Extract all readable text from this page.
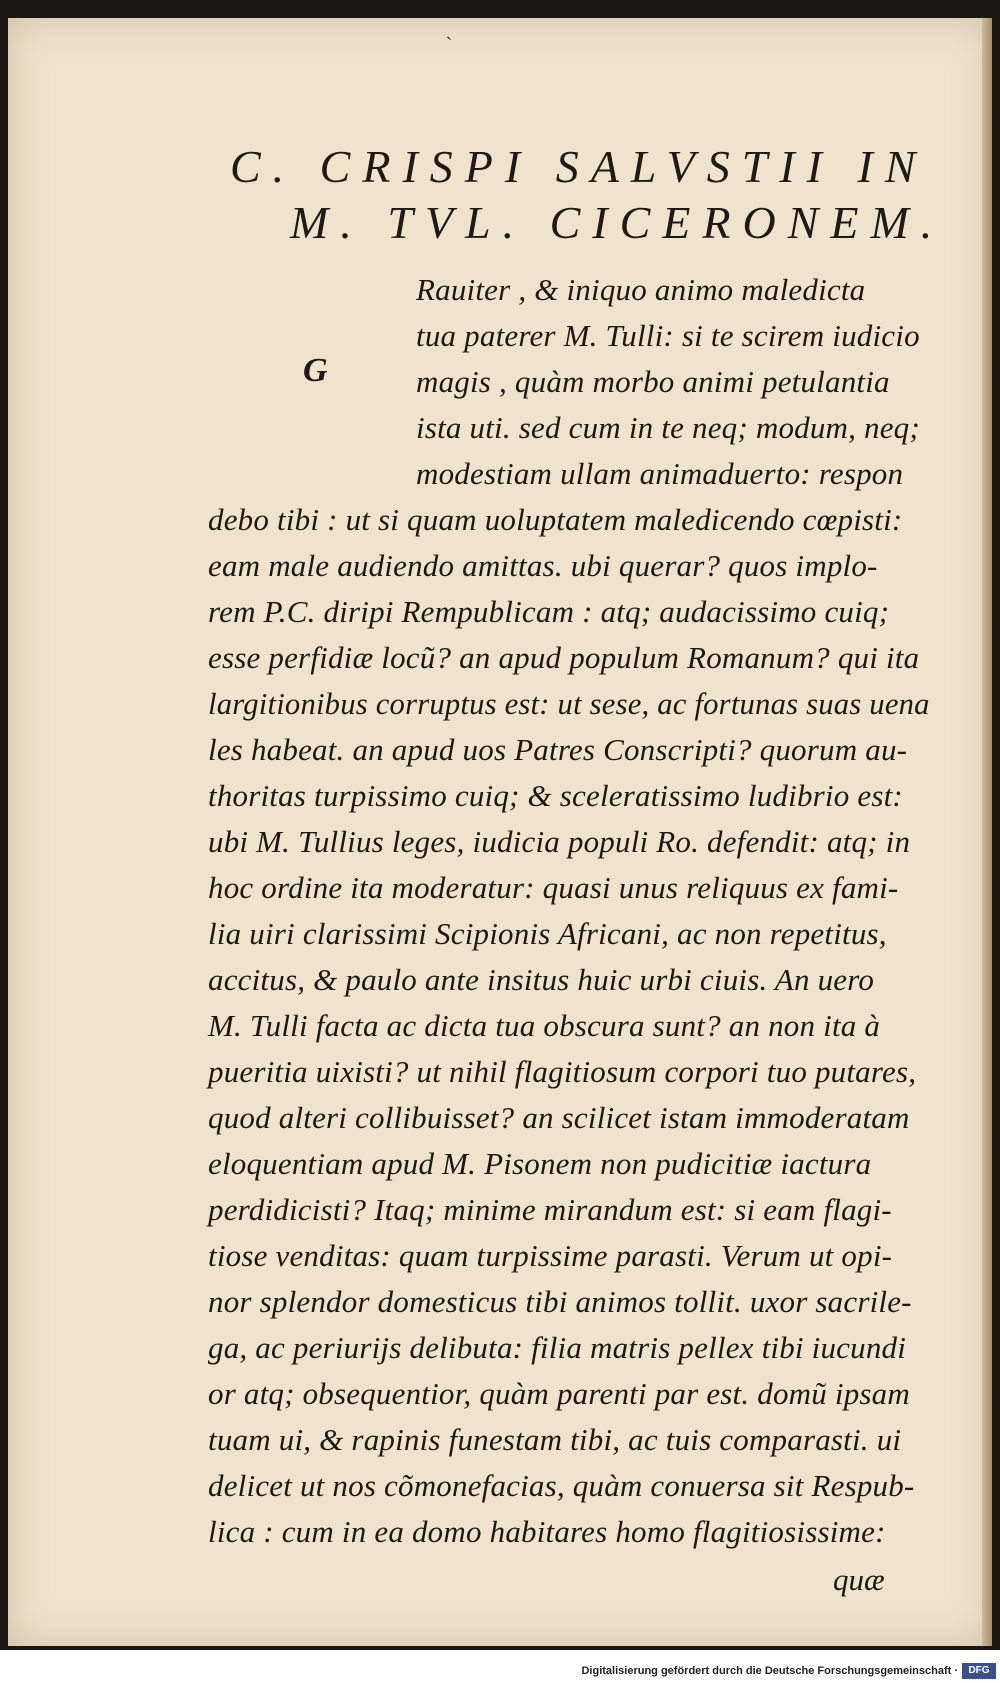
ˋ
C. CRISPI SALVSTII IN
M. TVL. CICERONEM.
G
Rauiter , & iniquo animo maledicta
tua paterer M. Tulli: si te scirem iudicio
magis , quàm morbo animi petulantia
ista uti. sed cum in te neq; modum, neq;
modestiam ullam animaduerto: respon
debo tibi : ut si quam uoluptatem maledicendo cœpisti:
eam male audiendo amittas. ubi querar? quos implo-
rem P.C. diripi Rempublicam : atq; audacissimo cuiq;
esse perfidiæ locũ? an apud populum Romanum? qui ita
largitionibus corruptus est: ut sese, ac fortunas suas uena
les habeat. an apud uos Patres Conscripti? quorum au-
thoritas turpissimo cuiq; & sceleratissimo ludibrio est:
ubi M. Tullius leges, iudicia populi Ro. defendit: atq; in
hoc ordine ita moderatur: quasi unus reliquus ex fami-
lia uiri clarissimi Scipionis Africani, ac non repetitus,
accitus, & paulo ante insitus huic urbi ciuis. An uero
M. Tulli facta ac dicta tua obscura sunt? an non ita à
pueritia uixisti? ut nihil flagitiosum corpori tuo putares,
quod alteri collibuisset? an scilicet istam immoderatam
eloquentiam apud M. Pisonem non pudicitiæ iactura
perdidicisti? Itaq; minime mirandum est: si eam flagi-
tiose venditas: quam turpissime parasti. Verum ut opi-
nor splendor domesticus tibi animos tollit. uxor sacrile-
ga, ac periurijs delibuta: filia matris pellex tibi iucundi
or atq; obsequentior, quàm parenti par est. domũ ipsam
tuam ui, & rapinis funestam tibi, ac tuis comparasti. ui
delicet ut nos cõmonefacias, quàm conuersa sit Respub-
lica : cum in ea domo habitares homo flagitiosissime:
quæ
Digitalisierung gefördert durch die Deutsche Forschungsgemeinschaft ·	DFG
